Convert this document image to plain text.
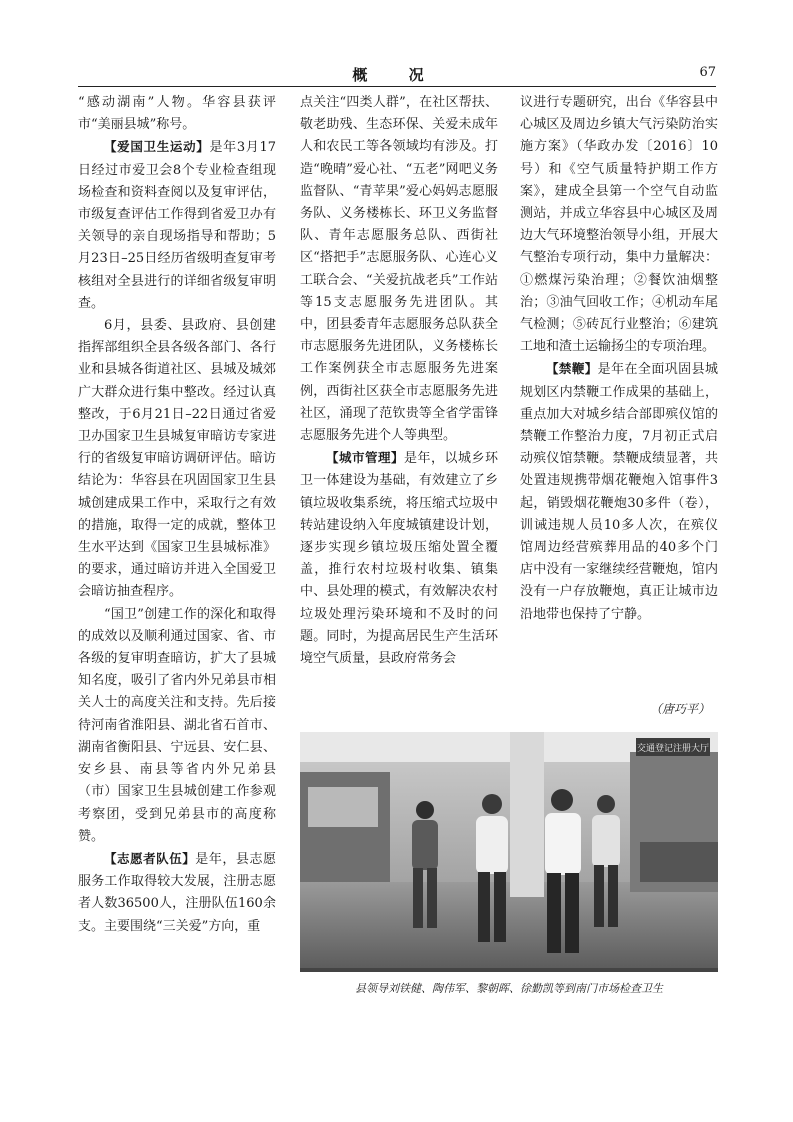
概 况	67

“感动湖南”人物。华容县获评市“美丽县城”称号。

【爱国卫生运动】是年3月17日经过市爱卫会8个专业检查组现场检查和资料查阅以及复审评估，市级复查评估工作得到省爱卫办有关领导的亲自现场指导和帮助；5月23日–25日经历省级明查复审考核组对全县进行的详细省级复审明查。

6月，县委、县政府、县创建指挥部组织全县各级各部门、各行业和县城各街道社区、县城及城郊广大群众进行集中整改。经过认真整改，于6月21日–22日通过省爱卫办国家卫生县城复审暗访专家进行的省级复审暗访调研评估。暗访结论为：华容县在巩固国家卫生县城创建成果工作中，采取行之有效的措施，取得一定的成就，整体卫生水平达到《国家卫生县城标准》的要求，通过暗访并进入全国爱卫会暗访抽查程序。

“国卫”创建工作的深化和取得的成效以及顺利通过国家、省、市各级的复审明查暗访，扩大了县城知名度，吸引了省内外兄弟县市相关人士的高度关注和支持。先后接待河南省淮阳县、湖北省石首市、湖南省衡阳县、宁远县、安仁县、安乡县、南县等省内外兄弟县（市）国家卫生县城创建工作参观考察团，受到兄弟县市的高度称赞。

【志愿者队伍】是年，县志愿服务工作取得较大发展，注册志愿者人数36500人，注册队伍160余支。主要围绕“三关爱”方向，重

点关注“四类人群”，在社区帮扶、敬老助残、生态环保、关爱未成年人和农民工等各领域均有涉及。打造“晚晴”爱心社、“五老”网吧义务监督队、“青苹果”爱心妈妈志愿服务队、义务楼栋长、环卫义务监督队、青年志愿服务总队、西街社区“搭把手”志愿服务队、心连心义工联合会、“关爱抗战老兵”工作站等15支志愿服务先进团队。其中，团县委青年志愿服务总队获全市志愿服务先进团队，义务楼栋长工作案例获全市志愿服务先进案例，西街社区获全市志愿服务先进社区，涌现了范钦贵等全省学雷锋志愿服务先进个人等典型。

【城市管理】是年，以城乡环卫一体建设为基础，有效建立了乡镇垃圾收集系统，将压缩式垃圾中转站建设纳入年度城镇建设计划，逐步实现乡镇垃圾压缩处置全覆盖，推行农村垃圾村收集、镇集中、县处理的模式，有效解决农村垃圾处理污染环境和不及时的问题。同时，为提高居民生产生活环境空气质量，县政府常务会

议进行专题研究，出台《华容县中心城区及周边乡镇大气污染防治实施方案》（华政办发〔2016〕10号）和《空气质量特护期工作方案》，建成全县第一个空气自动监测站，并成立华容县中心城区及周边大气环境整治领导小组，开展大气整治专项行动，集中力量解决：①燃煤污染治理；②餐饮油烟整治；③油气回收工作；④机动车尾气检测；⑤砖瓦行业整治；⑥建筑工地和渣土运输扬尘的专项治理。

【禁鞭】是年在全面巩固县城规划区内禁鞭工作成果的基础上，重点加大对城乡结合部即殡仪馆的禁鞭工作整治力度，7月初正式启动殡仪馆禁鞭。禁鞭成绩显著，共处置违规携带烟花鞭炮入馆事件3起，销毁烟花鞭炮30多件（卷），训诫违规人员10多人次，在殡仪馆周边经营殡葬用品的40多个门店中没有一家继续经营鞭炮，馆内没有一户存放鞭炮，真正让城市边沿地带也保持了宁静。

（唐巧平）
交通登记注册大厅
县领导刘铁健、陶伟军、黎朝晖、徐勤凯等到南门市场检查卫生
